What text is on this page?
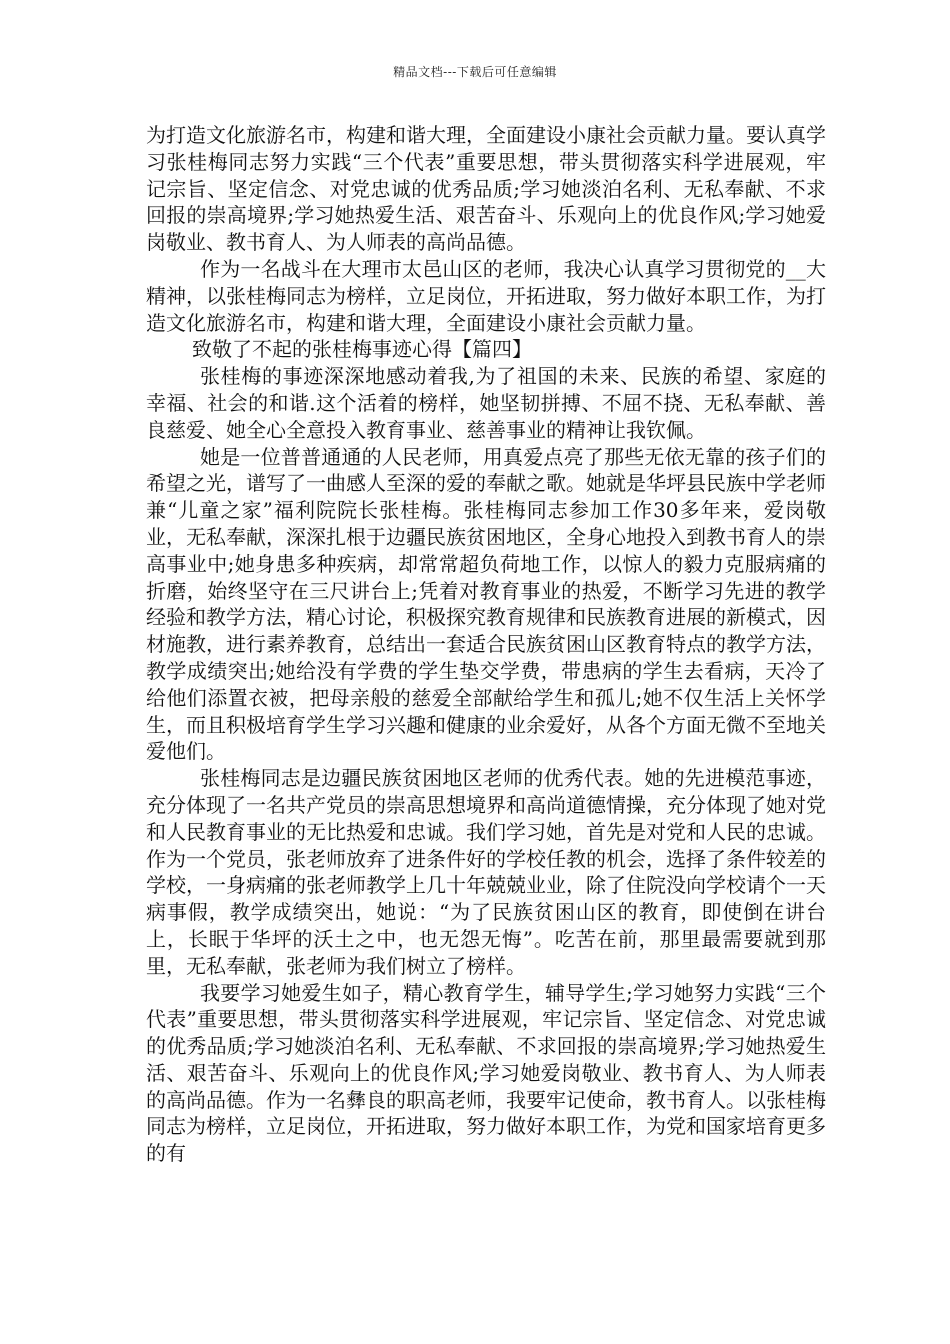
精品文档---下载后可任意编辑

为打造文化旅游名市，构建和谐大理，全面建设小康社会贡献力量。要认真学习张桂梅同志努力实践“三个代表”重要思想，带头贯彻落实科学进展观，牢记宗旨、坚定信念、对党忠诚的优秀品质;学习她淡泊名利、无私奉献、不求回报的崇高境界;学习她热爱生活、艰苦奋斗、乐观向上的优良作风;学习她爱岗敬业、教书育人、为人师表的高尚品德。

作为一名战斗在大理市太邑山区的老师，我决心认真学习贯彻党的__大精神，以张桂梅同志为榜样，立足岗位，开拓进取，努力做好本职工作，为打造文化旅游名市，构建和谐大理，全面建设小康社会贡献力量。

致敬了不起的张桂梅事迹心得【篇四】

张桂梅的事迹深深地感动着我,为了祖国的未来、民族的希望、家庭的幸福、社会的和谐.这个活着的榜样，她坚韧拼搏、不屈不挠、无私奉献、善良慈爱、她全心全意投入教育事业、慈善事业的精神让我钦佩。

她是一位普普通通的人民老师，用真爱点亮了那些无依无靠的孩子们的希望之光，谱写了一曲感人至深的爱的奉献之歌。她就是华坪县民族中学老师兼“儿童之家”福利院院长张桂梅。张桂梅同志参加工作30多年来，爱岗敬业，无私奉献，深深扎根于边疆民族贫困地区，全身心地投入到教书育人的崇高事业中;她身患多种疾病，却常常超负荷地工作，以惊人的毅力克服病痛的折磨，始终坚守在三尺讲台上;凭着对教育事业的热爱，不断学习先进的教学经验和教学方法，精心讨论，积极探究教育规律和民族教育进展的新模式，因材施教，进行素养教育，总结出一套适合民族贫困山区教育特点的教学方法，教学成绩突出;她给没有学费的学生垫交学费，带患病的学生去看病，天冷了给他们添置衣被，把母亲般的慈爱全部献给学生和孤儿;她不仅生活上关怀学生，而且积极培育学生学习兴趣和健康的业余爱好，从各个方面无微不至地关爱他们。

张桂梅同志是边疆民族贫困地区老师的优秀代表。她的先进模范事迹，充分体现了一名共产党员的崇高思想境界和高尚道德情操，充分体现了她对党和人民教育事业的无比热爱和忠诚。我们学习她，首先是对党和人民的忠诚。作为一个党员，张老师放弃了进条件好的学校任教的机会，选择了条件较差的学校，一身病痛的张老师教学上几十年兢兢业业，除了住院没向学校请个一天病事假，教学成绩突出，她说：“为了民族贫困山区的教育，即使倒在讲台上，长眠于华坪的沃土之中，也无怨无悔”。吃苦在前，那里最需要就到那里，无私奉献，张老师为我们树立了榜样。

我要学习她爱生如子，精心教育学生，辅导学生;学习她努力实践“三个代表”重要思想，带头贯彻落实科学进展观，牢记宗旨、坚定信念、对党忠诚的优秀品质;学习她淡泊名利、无私奉献、不求回报的崇高境界;学习她热爱生活、艰苦奋斗、乐观向上的优良作风;学习她爱岗敬业、教书育人、为人师表的高尚品德。作为一名彝良的职高老师，我要牢记使命，教书育人。以张桂梅同志为榜样，立足岗位，开拓进取，努力做好本职工作，为党和国家培育更多的有
